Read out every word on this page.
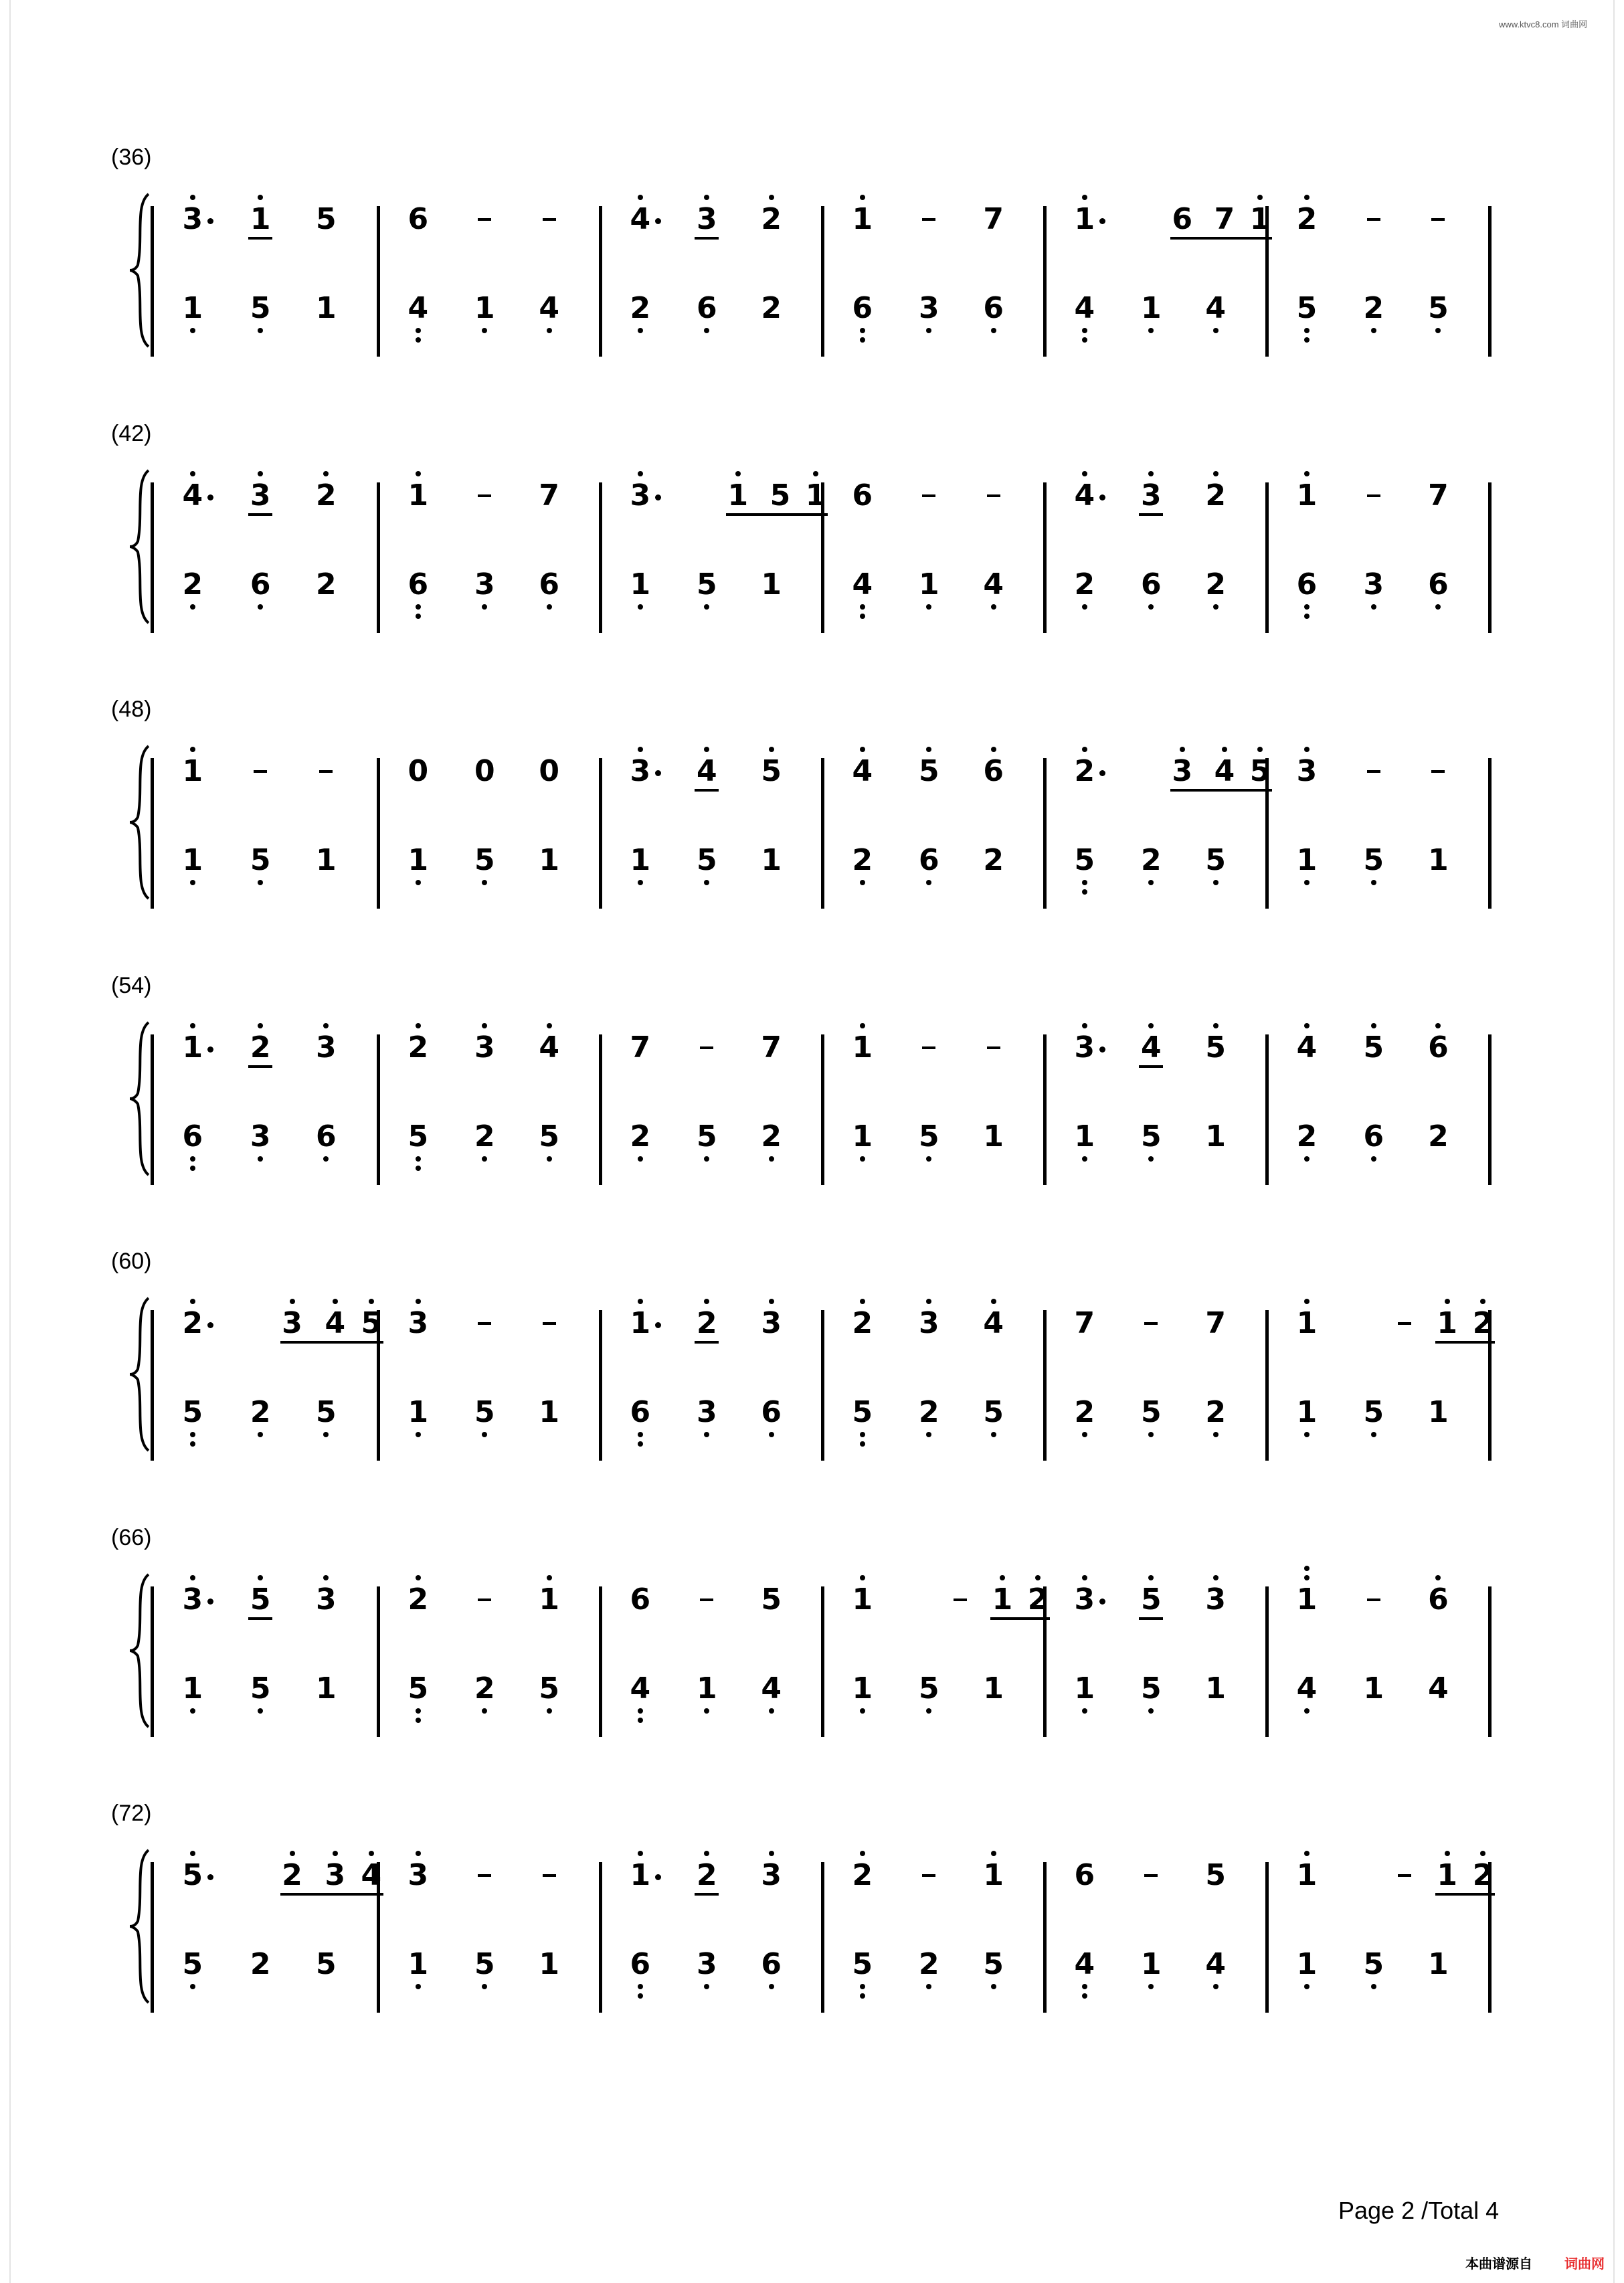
www.ktvc8.com 词曲网
(36)
3 1 5 6	4 3 2 1	7 1	6 7 1 2
1 5 1 4 1 4 2 6 2 6 3 6 4 1 4 5 2 5
(42)
4 3 2 1	7 3	1 5 1 6	4 3 2 1	7
2 6 2 6 3 6 1 5 1 4 1 4 2 6 2 6 3 6
(48)
1	0 0 0 3 4 5 4 5 6 2	3 4 5 3
1 5 1 1 5 1 1 5 1 2 6 2 5 2 5 1 5 1
(54)
1 2 3 2 3 4 7	7 1	3 4 5 4 5 6
6 3 6 5 2 5 2 5 2 1 5 1 1 5 1 2 6 2
(60)
2	3 4 5 3	1 2 3 2 3 4 7	7 1	1 2
5 2 5 1 5 1 6 3 6 5 2 5 2 5 2 1 5 1
(66)
3 5 3 2	1 6	5 1	1 2 3 5 3 1	6
1 5 1 5 2 5 4 1 4 1 5 1 1 5 1 4 1 4
(72)
5	2 3 4 3	1 2 3 2	1 6	5 1	1 2
5 2 5 1 5 1 6 3 6 5 2 5 4 1 4 1 5 1
Page 2 /Total 4
本曲谱源自 词曲网
